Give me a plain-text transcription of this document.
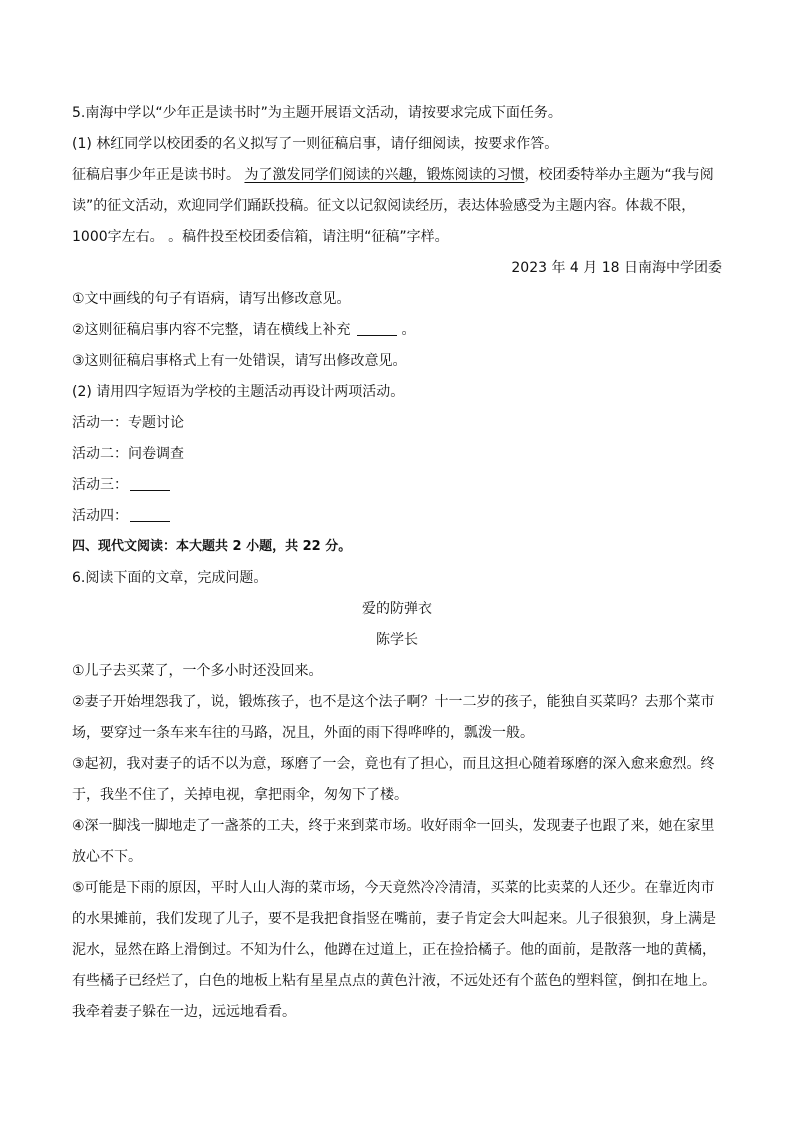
5.南海中学以“少年正是读书时”为主题开展语文活动，请按要求完成下面任务。
(1) 林红同学以校团委的名义拟写了一则征稿启事，请仔细阅读，按要求作答。
征稿启事少年正是读书时。 为了激发同学们阅读的兴趣，锻炼阅读的习惯，校团委特举办主题为“我与阅
读”的征文活动，欢迎同学们踊跃投稿。征文以记叙阅读经历，表达体验感受为主题内容。体裁不限，
1000字左右。 。稿件投至校团委信箱，请注明“征稿”字样。
2023 年 4 月 18 日南海中学团委
①文中画线的句子有语病，请写出修改意见。
②这则征稿启事内容不完整，请在横线上补充	。
③这则征稿启事格式上有一处错误，请写出修改意见。
(2) 请用四字短语为学校的主题活动再设计两项活动。
活动一：专题讨论
活动二：问卷调查
活动三：
活动四：
四、现代文阅读：本大题共 2 小题，共 22 分。
6.阅读下面的文章，完成问题。
爱的防弹衣
陈学长
①儿子去买菜了，一个多小时还没回来。
②妻子开始埋怨我了，说，锻炼孩子，也不是这个法子啊？十一二岁的孩子，能独自买菜吗？去那个菜市
场，要穿过一条车来车往的马路，况且，外面的雨下得哗哗的，瓢泼一般。
③起初，我对妻子的话不以为意，琢磨了一会，竟也有了担心，而且这担心随着琢磨的深入愈来愈烈。终
于，我坐不住了，关掉电视，拿把雨伞，匆匆下了楼。
④深一脚浅一脚地走了一盏茶的工夫，终于来到菜市场。收好雨伞一回头，发现妻子也跟了来，她在家里
放心不下。
⑤可能是下雨的原因，平时人山人海的菜市场，今天竟然冷冷清清，买菜的比卖菜的人还少。在靠近肉市
的水果摊前，我们发现了儿子，要不是我把食指竖在嘴前，妻子肯定会大叫起来。儿子很狼狈，身上满是
泥水，显然在路上滑倒过。不知为什么，他蹲在过道上，正在捡拾橘子。他的面前，是散落一地的黄橘，
有些橘子已经烂了，白色的地板上粘有星星点点的黄色汁液，不远处还有个蓝色的塑料筐，倒扣在地上。
我牵着妻子躲在一边，远远地看看。
